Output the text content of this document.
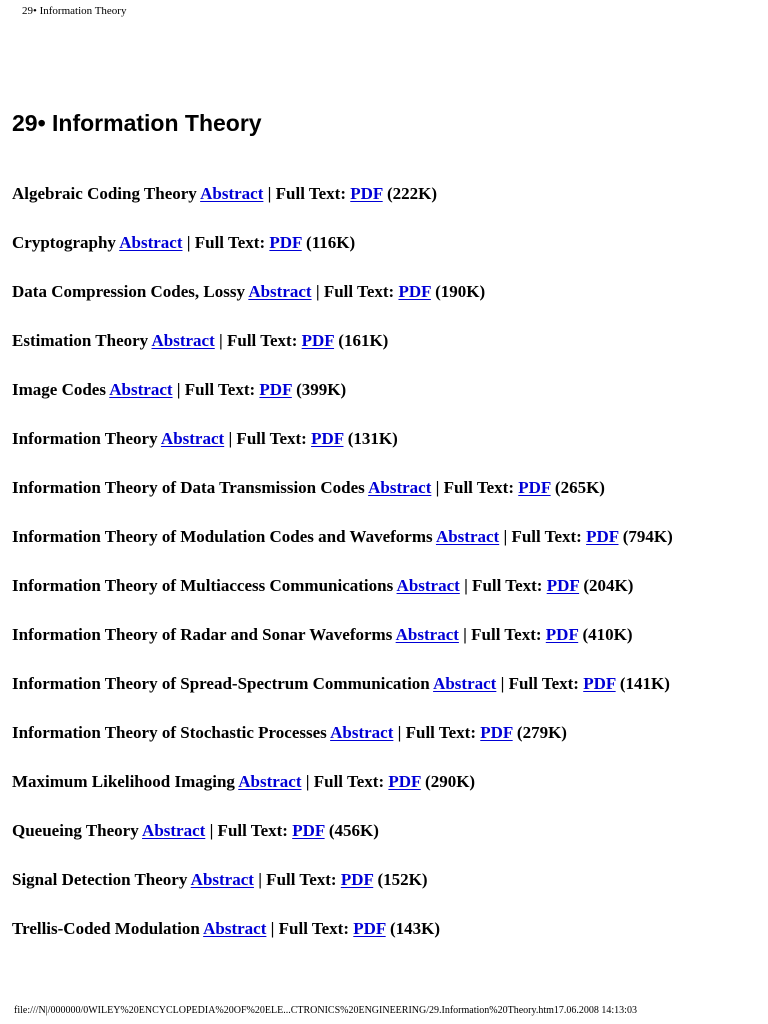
29• Information Theory
29• Information Theory
Algebraic Coding Theory Abstract | Full Text: PDF (222K)
Cryptography Abstract | Full Text: PDF (116K)
Data Compression Codes, Lossy Abstract | Full Text: PDF (190K)
Estimation Theory Abstract | Full Text: PDF (161K)
Image Codes Abstract | Full Text: PDF (399K)
Information Theory Abstract | Full Text: PDF (131K)
Information Theory of Data Transmission Codes Abstract | Full Text: PDF (265K)
Information Theory of Modulation Codes and Waveforms Abstract | Full Text: PDF (794K)
Information Theory of Multiaccess Communications Abstract | Full Text: PDF (204K)
Information Theory of Radar and Sonar Waveforms Abstract | Full Text: PDF (410K)
Information Theory of Spread-Spectrum Communication Abstract | Full Text: PDF (141K)
Information Theory of Stochastic Processes Abstract | Full Text: PDF (279K)
Maximum Likelihood Imaging Abstract | Full Text: PDF (290K)
Queueing Theory Abstract | Full Text: PDF (456K)
Signal Detection Theory Abstract | Full Text: PDF (152K)
Trellis-Coded Modulation Abstract | Full Text: PDF (143K)
file:///N|/000000/0WILEY%20ENCYCLOPEDIA%20OF%20ELE...CTRONICS%20ENGINEERING/29.Information%20Theory.htm17.06.2008 14:13:03
